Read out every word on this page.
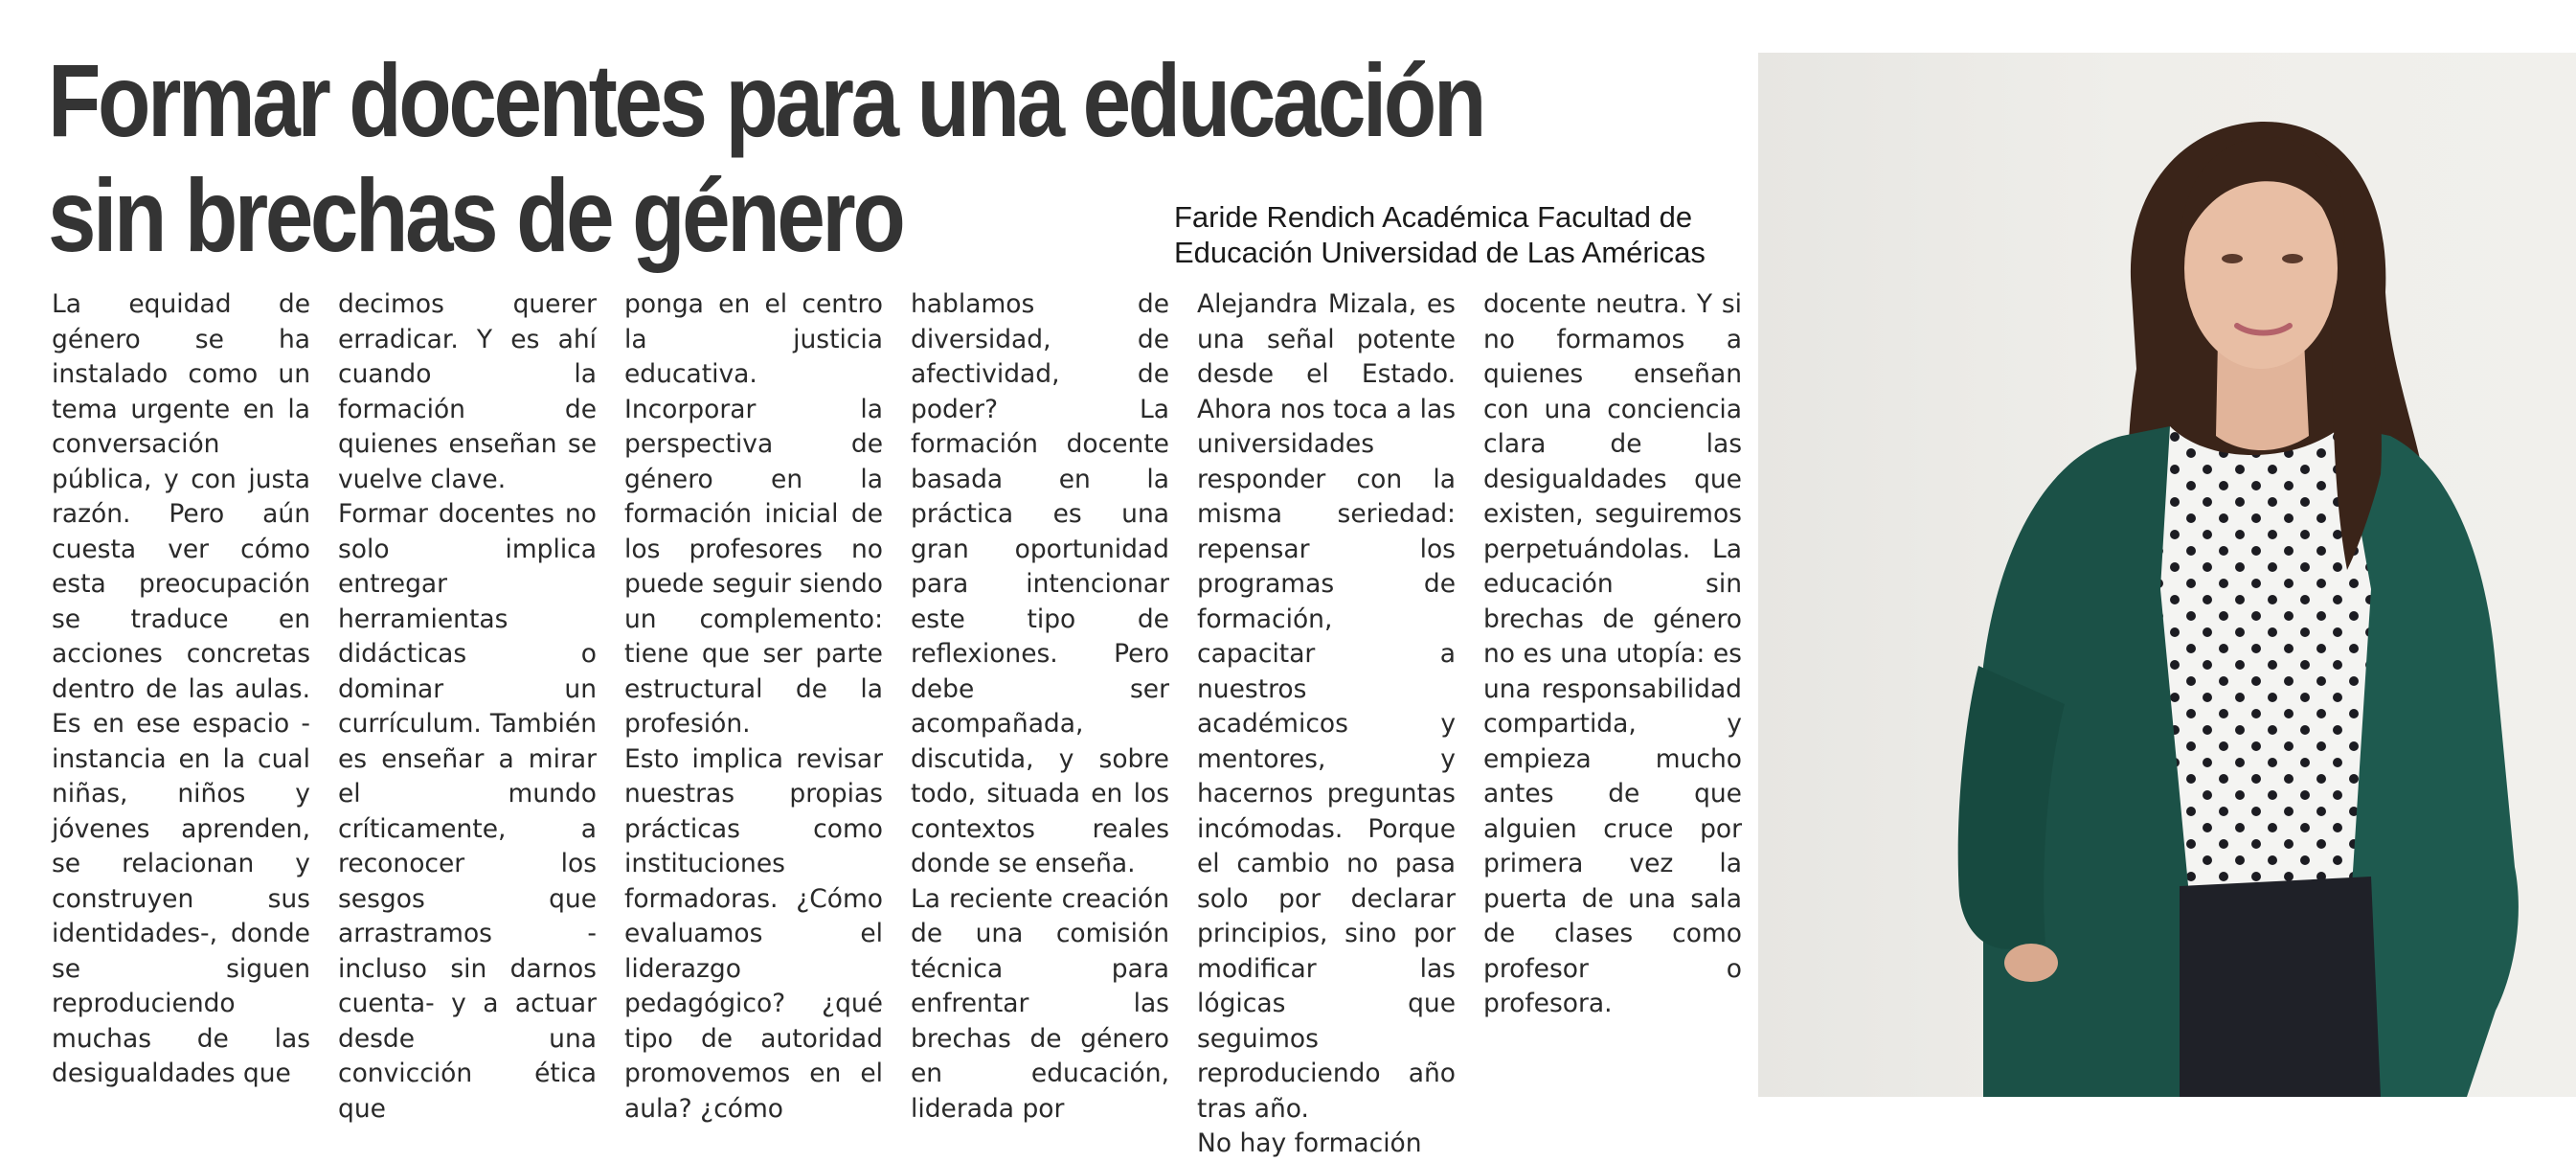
Formar docentes para una educación
sin brechas de género	Faride Rendich Académica Facultad de
Educación Universidad de Las Américas

La equidad de género se ha instalado como un tema urgente en la conversación pública, y con justa razón. Pero aún cuesta ver cómo esta preocupación se traduce en acciones concretas dentro de las aulas. Es en ese espacio - instancia en la cual niñas, niños y jóvenes aprenden, se relacionan y construyen sus identidades-, donde se siguen reproduciendo muchas de las desigualdades que

decimos querer erradicar. Y es ahí cuando la formación de quienes enseñan se vuelve clave.

Formar docentes no solo implica entregar herramientas didácticas o dominar un currículum. También es enseñar a mirar el mundo críticamente, a reconocer los sesgos que arrastramos - incluso sin darnos cuenta- y a actuar desde una convicción ética que

ponga en el centro la justicia educativa. Incorporar la perspectiva de género en la formación inicial de los profesores no puede seguir siendo un complemento: tiene que ser parte estructural de la profesión.

Esto implica revisar nuestras propias prácticas como instituciones formadoras. ¿Cómo evaluamos el liderazgo pedagógico? ¿qué tipo de autoridad promovemos en el aula? ¿cómo

hablamos de diversidad, de afectividad, de poder? La formación docente basada en la práctica es una gran oportunidad para intencionar este tipo de reflexiones. Pero debe ser acompañada, discutida, y sobre todo, situada en los contextos reales donde se enseña.

La reciente creación de una comisión técnica para enfrentar las brechas de género en educación, liderada por

Alejandra Mizala, es una señal potente desde el Estado. Ahora nos toca a las universidades responder con la misma seriedad: repensar los programas de formación, capacitar a nuestros académicos y mentores, y hacernos preguntas incómodas. Porque el cambio no pasa solo por declarar principios, sino por modificar las lógicas que seguimos reproduciendo año tras año.

No hay formación

docente neutra. Y si no formamos a quienes enseñan con una conciencia clara de las desigualdades que existen, seguiremos perpetuándolas. La educación sin brechas de género no es una utopía: es una responsabilidad compartida, y empieza mucho antes de que alguien cruce por primera vez la puerta de una sala de clases como profesor o profesora.
